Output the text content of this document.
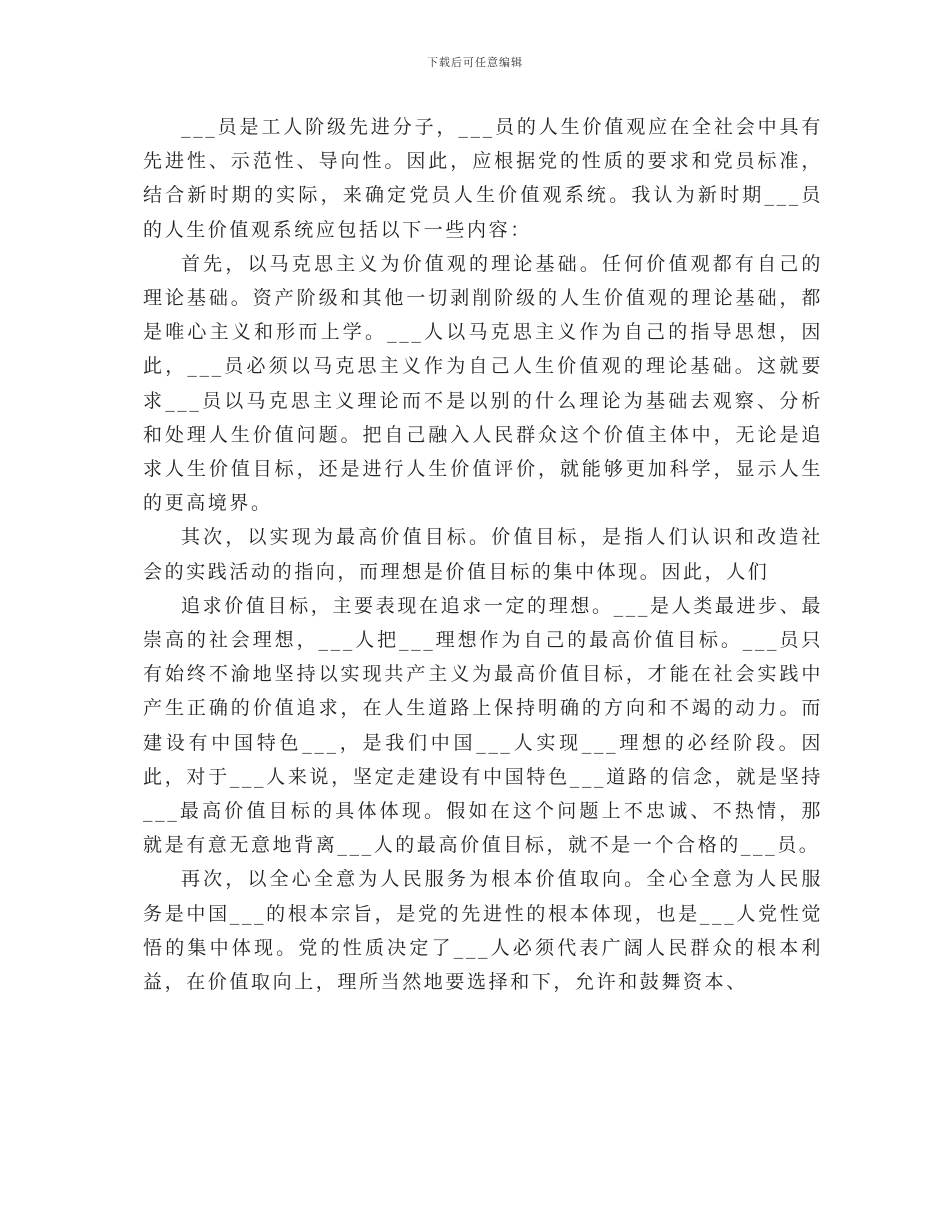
下载后可任意编辑

___员是工人阶级先进分子，___员的人生价值观应在全社会中具有先进性、示范性、导向性。因此，应根据党的性质的要求和党员标准，结合新时期的实际，来确定党员人生价值观系统。我认为新时期___员的人生价值观系统应包括以下一些内容：

首先，以马克思主义为价值观的理论基础。任何价值观都有自己的理论基础。资产阶级和其他一切剥削阶级的人生价值观的理论基础，都是唯心主义和形而上学。___人以马克思主义作为自己的指导思想，因此，___员必须以马克思主义作为自己人生价值观的理论基础。这就要求___员以马克思主义理论而不是以别的什么理论为基础去观察、分析和处理人生价值问题。把自己融入人民群众这个价值主体中，无论是追求人生价值目标，还是进行人生价值评价，就能够更加科学，显示人生的更高境界。

其次，以实现为最高价值目标。价值目标，是指人们认识和改造社会的实践活动的指向，而理想是价值目标的集中体现。因此，人们

追求价值目标，主要表现在追求一定的理想。___是人类最进步、最崇高的社会理想，___人把___理想作为自己的最高价值目标。___员只有始终不渝地坚持以实现共产主义为最高价值目标，才能在社会实践中产生正确的价值追求，在人生道路上保持明确的方向和不竭的动力。而建设有中国特色___，是我们中国___人实现___理想的必经阶段。因此，对于___人来说，坚定走建设有中国特色___道路的信念，就是坚持___最高价值目标的具体体现。假如在这个问题上不忠诚、不热情，那就是有意无意地背离___人的最高价值目标，就不是一个合格的___员。

再次，以全心全意为人民服务为根本价值取向。全心全意为人民服务是中国___的根本宗旨，是党的先进性的根本体现，也是___人党性觉悟的集中体现。党的性质决定了___人必须代表广阔人民群众的根本利益，在价值取向上，理所当然地要选择和下，允许和鼓舞资本、
